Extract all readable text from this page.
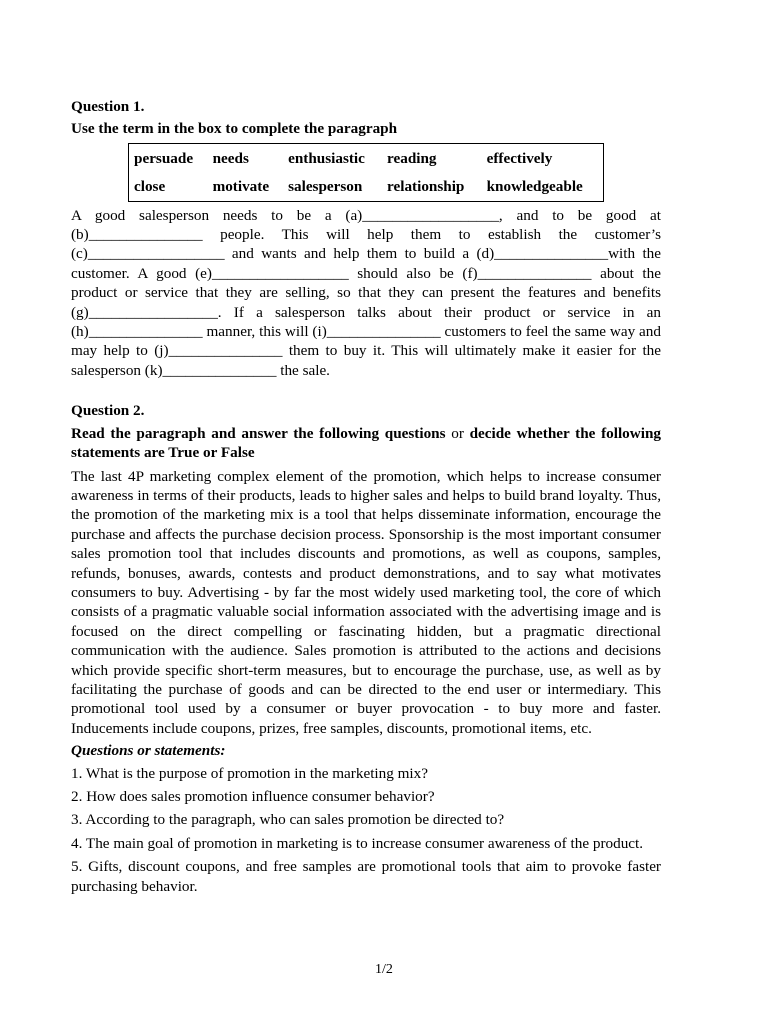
Question 1.

Use the term in the box to complete the paragraph

persuade	needs	enthusiastic	reading	effectively
close	motivate	salesperson	relationship	knowledgeable

A good salesperson needs to be a (a)__________________, and to be good at (b)_______________ people. This will help them to establish the customer’s (c)__________________ and wants and help them to build a (d)_______________with the customer. A good (e)__________________ should also be (f)_______________ about the product or service that they are selling, so that they can present the features and benefits (g)_________________. If a salesperson talks about their product or service in an (h)_______________ manner, this will (i)_______________ customers to feel the same way and may help to (j)_______________ them to buy it. This will ultimately make it easier for the salesperson (k)_______________ the sale.

Question 2.

Read the paragraph and answer the following questions or decide whether the following statements are True or False

The last 4P marketing complex element of the promotion, which helps to increase consumer awareness in terms of their products, leads to higher sales and helps to build brand loyalty. Thus, the promotion of the marketing mix is a tool that helps disseminate information, encourage the purchase and affects the purchase decision process. Sponsorship is the most important consumer sales promotion tool that includes discounts and promotions, as well as coupons, samples, refunds, bonuses, awards, contests and product demonstrations, and to say what motivates consumers to buy. Advertising - by far the most widely used marketing tool, the core of which consists of a pragmatic valuable social information associated with the advertising image and is focused on the direct compelling or fascinating hidden, but a pragmatic directional communication with the audience. Sales promotion is attributed to the actions and decisions which provide specific short-term measures, but to encourage the purchase, use, as well as by facilitating the purchase of goods and can be directed to the end user or intermediary. This promotional tool used by a consumer or buyer provocation - to buy more and faster. Inducements include coupons, prizes, free samples, discounts, promotional items, etc.

Questions or statements:

1. What is the purpose of promotion in the marketing mix?
2. How does sales promotion influence consumer behavior?
3. According to the paragraph, who can sales promotion be directed to?
4. The main goal of promotion in marketing is to increase consumer awareness of the product.
5. Gifts, discount coupons, and free samples are promotional tools that aim to provoke faster purchasing behavior.
1/2
